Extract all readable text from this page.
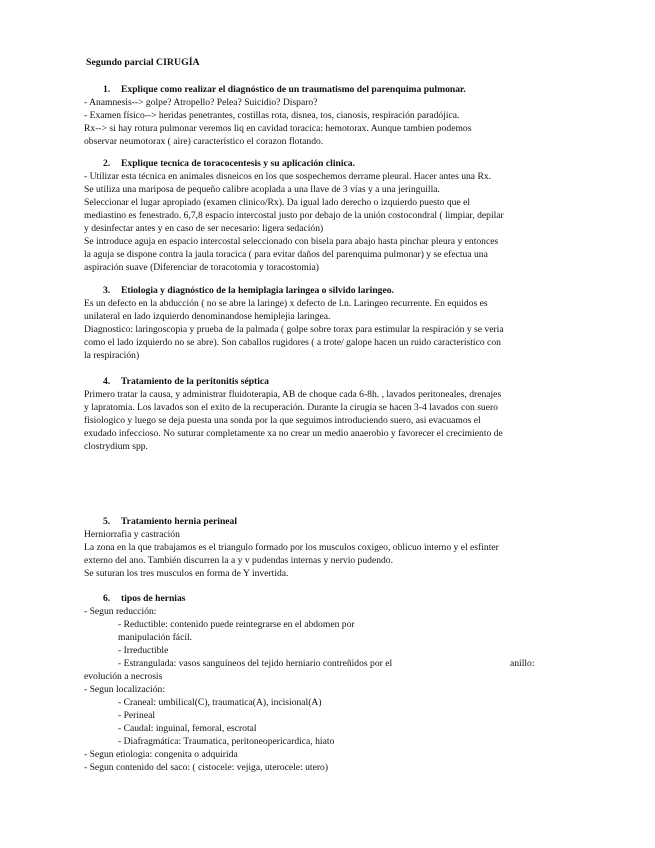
Segundo parcial CIRUGÍA
1. Explique como realizar el diagnóstico de un traumatismo del parenquima pulmonar.
- Anamnesis--> golpe? Atropello? Pelea? Suicidio? Disparo?
- Examen físico--> heridas penetrantes, costillas rota, disnea, tos, cianosis, respiración paradójica.
Rx--> si hay rotura pulmonar veremos liq en cavidad toracica: hemotorax. Aunque tambien podemos
observar neumotorax ( aire) característico el corazon flotando.
2. Explique tecnica de toracocentesis y su aplicación clinica.
- Utilizar esta técnica en animales disneicos en los que sospechemos derrame pleural. Hacer antes una Rx.
Se utiliza una mariposa de pequeño calibre acoplada a una llave de 3 vías y a una jeringuilla.
Seleccionar el lugar apropiado (examen clinico/Rx). Da igual lado derecho o izquierdo puesto que el
mediastino es fenestrado. 6,7,8 espacio intercostal justo por debajo de la unión costocondral ( limpiar, depilar
y desinfectar antes y en caso de ser necesario: ligera sedación)
Se introduce aguja en espacio intercostal seleccionado con bisela para abajo hasta pinchar pleura y entonces
la aguja se dispone contra la jaula toracica ( para evitar daños del parenquima pulmonar) y se efectua una
aspiración suave (Diferenciar de toracotomia y toracostomia)
3. Etiologia y diagnóstico de la hemiplagia laringea o silvido laringeo.
Es un defecto en la abducción ( no se abre la laringe) x defecto de l.n. Laringeo recurrente. En equidos es
unilateral en lado izquierdo denominandose hemiplejia laringea.
Diagnostico: laringoscopia y prueba de la palmada ( golpe sobre torax para estimular la respiración y se veria
como el lado izquierdo no se abre). Son caballos rugidores ( a trote/ galope hacen un ruido característico con
la respiración)
4. Tratamiento de la peritonitis séptica
Primero tratar la causa, y administrar fluidoterapia, AB de choque cada 6-8h. , lavados peritoneales, drenajes
y lapratomia. Los lavados son el exito de la recuperación. Durante la cirugia se hacen 3-4 lavados con suero
fisiologico y luego se deja puesta una sonda por la que seguimos introduciendo suero, asi evacuamos el
exudado infeccioso. No suturar completamente xa no crear un medio anaerobio y favorecer el crecimiento de
clostrydium spp.
5. Tratamiento hernia perineal
Herniorrafia y castración
La zona en la que trabajamos es el triangulo formado por los musculos coxigeo, oblicuo interno y el esfinter
externo del ano. También discurren la a y v pudendas internas y nervio pudendo.
Se suturan los tres musculos en forma de Y invertida.
6. tipos de hernias
- Segun reducción:
- Reductible: contenido puede reintegrarse en el abdomen por
manipulación fácil.
- Irreductible
- Estrangulada: vasos sanguíneos del tejido herniario contreñidos por el	anillo:
evolución a necrosis
- Segun localización:
- Craneal: umbilical(C), traumatica(A), incisional(A)
- Perineal
- Caudal: inguinal, femoral, escrotal
- Diafragmática: Traumatica, peritoneopericardica, hiato
- Segun etiologia: congenita o adquirida
- Segun contenido del saco: ( cistocele: vejiga, uterocele: utero)
